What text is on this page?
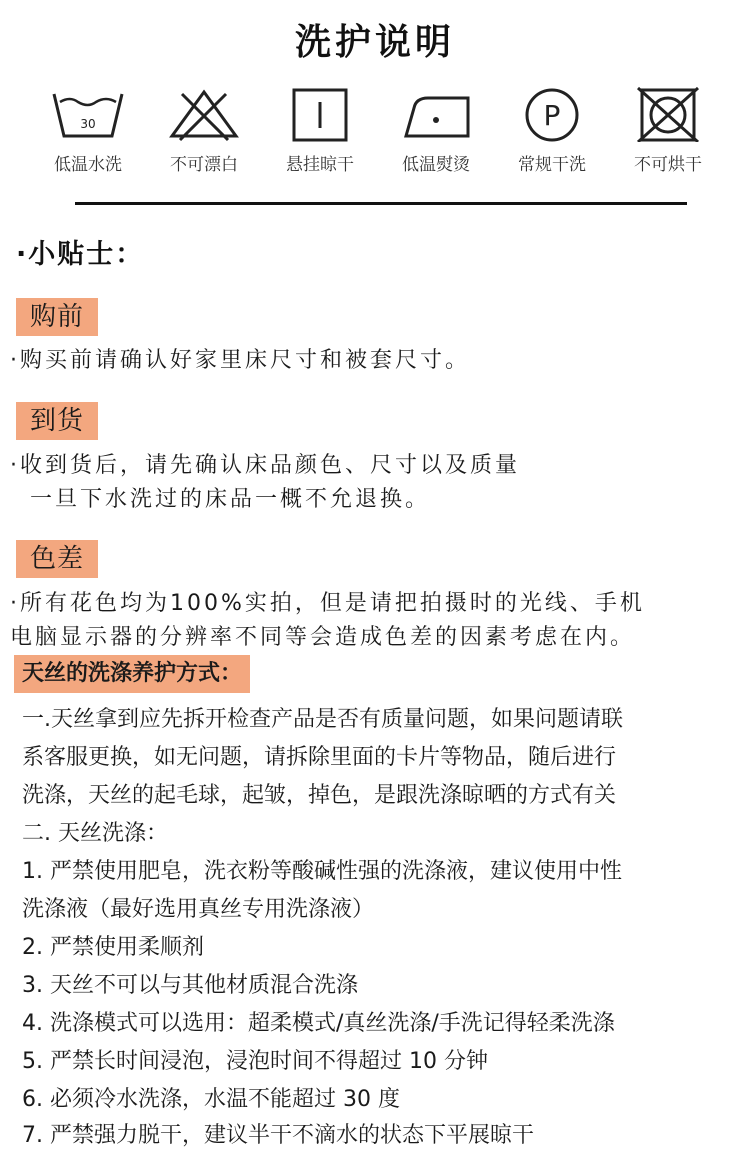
洗护说明
30
低温水洗	不可漂白	悬挂晾干	低温熨烫
P
常规干洗	不可烘干
·小贴士：
购前
·购买前请确认好家里床尺寸和被套尺寸。
到货
·收到货后，请先确认床品颜色、尺寸以及质量
一旦下水洗过的床品一概不允退换。
色差
·所有花色均为100%实拍，但是请把拍摄时的光线、手机
电脑显示器的分辨率不同等会造成色差的因素考虑在内。
天丝的洗涤养护方式：
一.天丝拿到应先拆开检查产品是否有质量问题，如果问题请联
系客服更换，如无问题，请拆除里面的卡片等物品，随后进行
洗涤，天丝的起毛球，起皱，掉色，是跟洗涤晾晒的方式有关
二. 天丝洗涤：
1. 严禁使用肥皂，洗衣粉等酸碱性强的洗涤液，建议使用中性
洗涤液（最好选用真丝专用洗涤液）
2. 严禁使用柔顺剂
3. 天丝不可以与其他材质混合洗涤
4. 洗涤模式可以选用：超柔模式/真丝洗涤/手洗记得轻柔洗涤
5. 严禁长时间浸泡，浸泡时间不得超过 10 分钟
6. 必须冷水洗涤，水温不能超过 30 度
7. 严禁强力脱干，建议半干不滴水的状态下平展晾干
